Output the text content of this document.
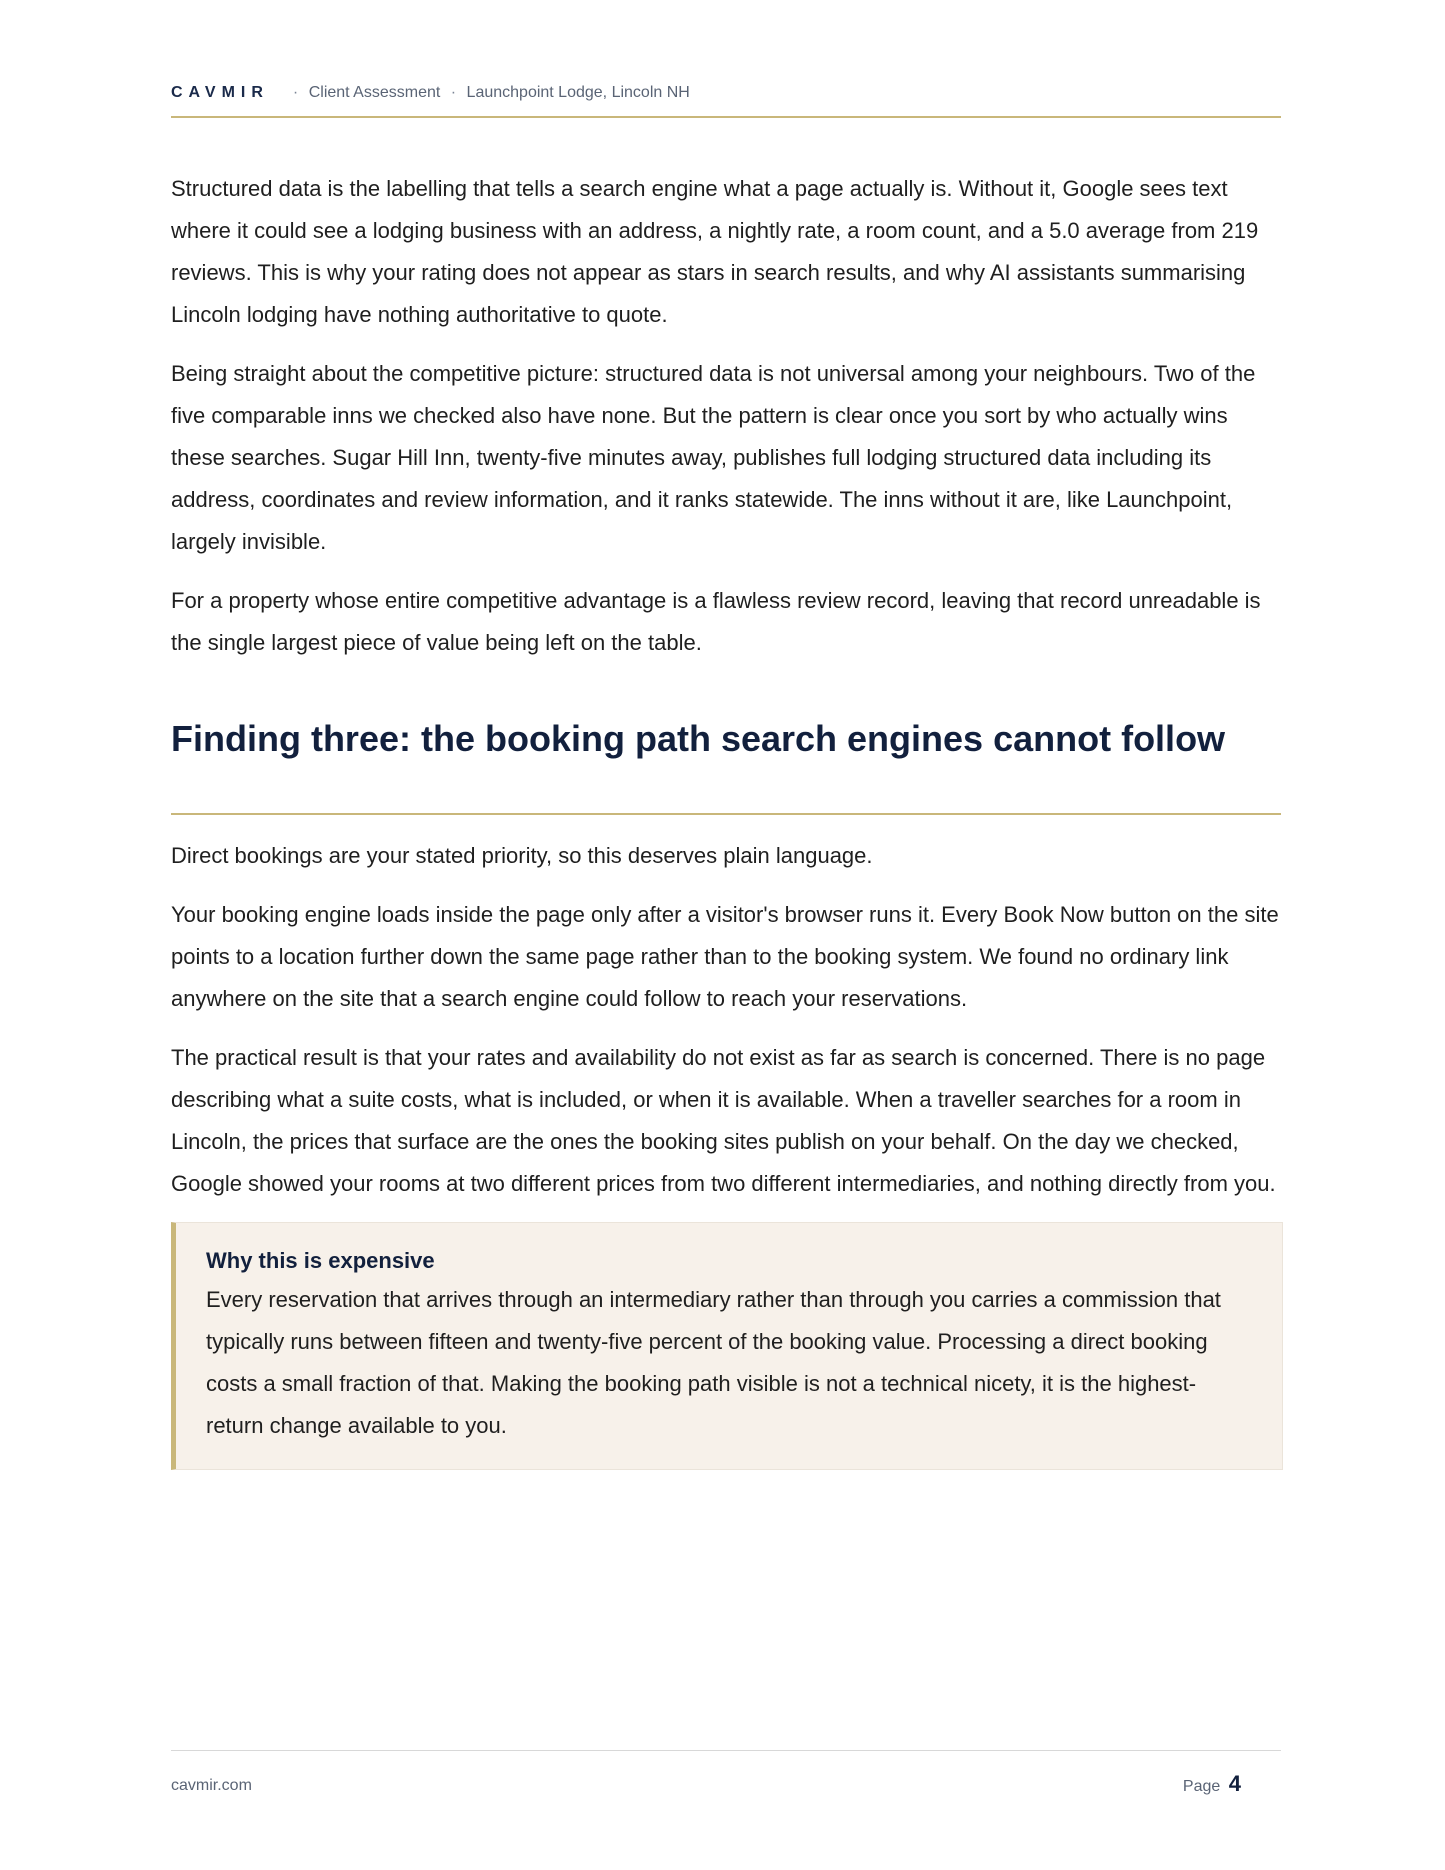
CAVMIR	· Client Assessment · Launchpoint Lodge, Lincoln NH

Structured data is the labelling that tells a search engine what a page actually is. Without it, Google sees text where it could see a lodging business with an address, a nightly rate, a room count, and a 5.0 average from 219 reviews. This is why your rating does not appear as stars in search results, and why AI assistants summarising Lincoln lodging have nothing authoritative to quote.

Being straight about the competitive picture: structured data is not universal among your neighbours. Two of the five comparable inns we checked also have none. But the pattern is clear once you sort by who actually wins these searches. Sugar Hill Inn, twenty-five minutes away, publishes full lodging structured data including its address, coordinates and review information, and it ranks statewide. The inns without it are, like Launchpoint, largely invisible.

For a property whose entire competitive advantage is a flawless review record, leaving that record unreadable is the single largest piece of value being left on the table.

Finding three: the booking path search engines cannot follow

Direct bookings are your stated priority, so this deserves plain language.

Your booking engine loads inside the page only after a visitor's browser runs it. Every Book Now button on the site points to a location further down the same page rather than to the booking system. We found no ordinary link anywhere on the site that a search engine could follow to reach your reservations.

The practical result is that your rates and availability do not exist as far as search is concerned. There is no page describing what a suite costs, what is included, or when it is available. When a traveller searches for a room in Lincoln, the prices that surface are the ones the booking sites publish on your behalf. On the day we checked, Google showed your rooms at two different prices from two different intermediaries, and nothing directly from you.

Why this is expensive

Every reservation that arrives through an intermediary rather than through you carries a commission that typically runs between fifteen and twenty-five percent of the booking value. Processing a direct booking costs a small fraction of that. Making the booking path visible is not a technical nicety, it is the highest-return change available to you.

cavmir.com	Page 4
